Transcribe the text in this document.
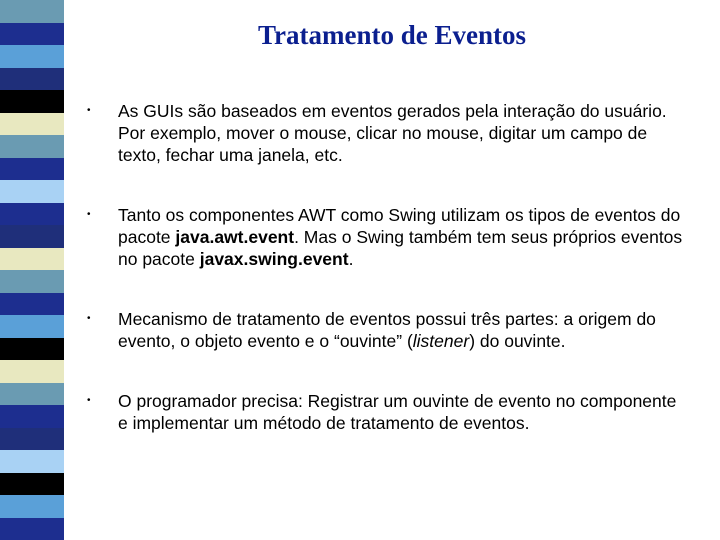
Tratamento de Eventos
• As GUIs são baseados em eventos gerados pela interação do usuário. Por exemplo, mover o mouse, clicar no mouse, digitar um campo de texto, fechar uma janela, etc.
• Tanto os componentes AWT como Swing utilizam os tipos de eventos do pacote java.awt.event. Mas o Swing também tem seus próprios eventos no pacote javax.swing.event.
• Mecanismo de tratamento de eventos possui três partes: a origem do evento, o objeto evento e o “ouvinte” (listener) do ouvinte.
• O programador precisa: Registrar um ouvinte de evento no componente e implementar um método de tratamento de eventos.
